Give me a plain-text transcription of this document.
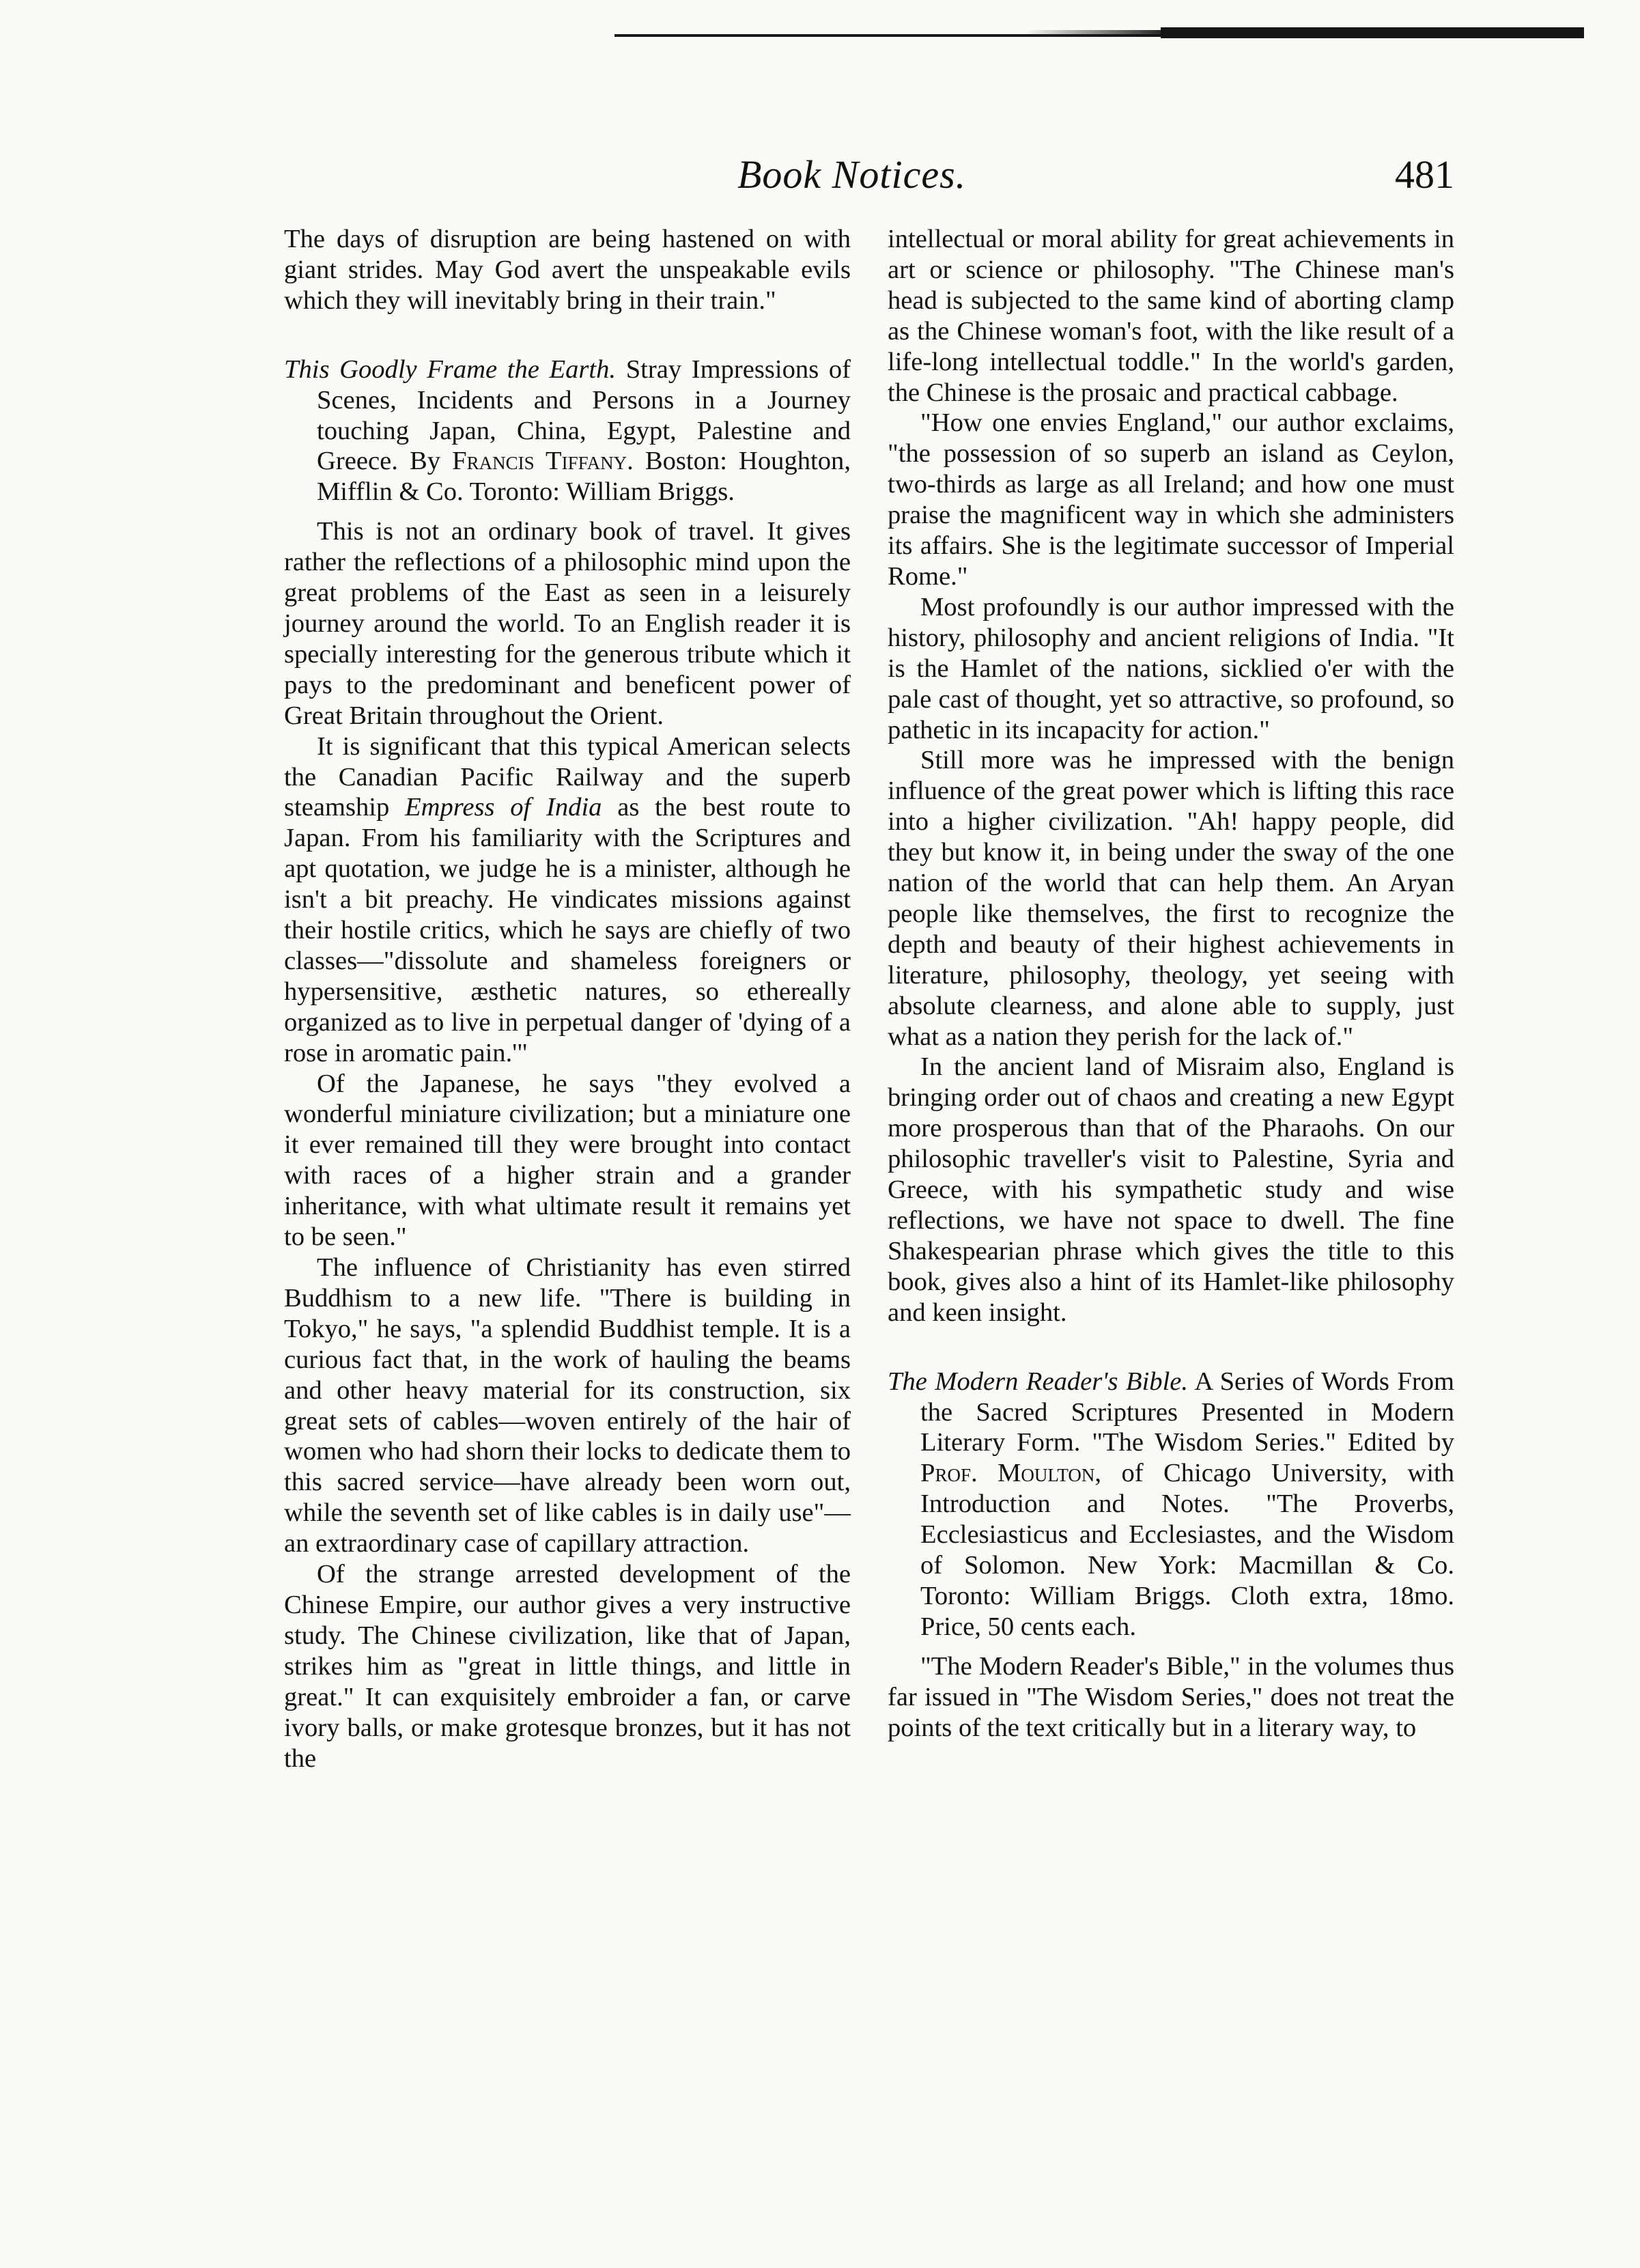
Book Notices.	481

The days of disruption are being hastened on with giant strides. May God avert the unspeakable evils which they will inevitably bring in their train."

This Goodly Frame the Earth. Stray Impressions of Scenes, Incidents and Persons in a Journey touching Japan, China, Egypt, Palestine and Greece. By Francis Tiffany. Boston: Houghton, Mifflin & Co. Toronto: William Briggs.

This is not an ordinary book of travel. It gives rather the reflections of a philosophic mind upon the great problems of the East as seen in a leisurely journey around the world. To an English reader it is specially interesting for the generous tribute which it pays to the predominant and beneficent power of Great Britain throughout the Orient.

It is significant that this typical American selects the Canadian Pacific Railway and the superb steamship Empress of India as the best route to Japan. From his familiarity with the Scriptures and apt quotation, we judge he is a minister, although he isn't a bit preachy. He vindicates missions against their hostile critics, which he says are chiefly of two classes—"dissolute and shameless foreigners or hypersensitive, æsthetic natures, so ethereally organized as to live in perpetual danger of 'dying of a rose in aromatic pain.'"

Of the Japanese, he says "they evolved a wonderful miniature civilization; but a miniature one it ever remained till they were brought into contact with races of a higher strain and a grander inheritance, with what ultimate result it remains yet to be seen."

The influence of Christianity has even stirred Buddhism to a new life. "There is building in Tokyo," he says, "a splendid Buddhist temple. It is a curious fact that, in the work of hauling the beams and other heavy material for its construction, six great sets of cables—woven entirely of the hair of women who had shorn their locks to dedicate them to this sacred service—have already been worn out, while the seventh set of like cables is in daily use"—an extraordinary case of capillary attraction.

Of the strange arrested development of the Chinese Empire, our author gives a very instructive study. The Chinese civilization, like that of Japan, strikes him as "great in little things, and little in great." It can exquisitely embroider a fan, or carve ivory balls, or make grotesque bronzes, but it has not the

intellectual or moral ability for great achievements in art or science or philosophy. "The Chinese man's head is subjected to the same kind of aborting clamp as the Chinese woman's foot, with the like result of a life-long intellectual toddle." In the world's garden, the Chinese is the prosaic and practical cabbage.

"How one envies England," our author exclaims, "the possession of so superb an island as Ceylon, two-thirds as large as all Ireland; and how one must praise the magnificent way in which she administers its affairs. She is the legitimate successor of Imperial Rome."

Most profoundly is our author impressed with the history, philosophy and ancient religions of India. "It is the Hamlet of the nations, sicklied o'er with the pale cast of thought, yet so attractive, so profound, so pathetic in its incapacity for action."

Still more was he impressed with the benign influence of the great power which is lifting this race into a higher civilization. "Ah! happy people, did they but know it, in being under the sway of the one nation of the world that can help them. An Aryan people like themselves, the first to recognize the depth and beauty of their highest achievements in literature, philosophy, theology, yet seeing with absolute clearness, and alone able to supply, just what as a nation they perish for the lack of."

In the ancient land of Misraim also, England is bringing order out of chaos and creating a new Egypt more prosperous than that of the Pharaohs. On our philosophic traveller's visit to Palestine, Syria and Greece, with his sympathetic study and wise reflections, we have not space to dwell. The fine Shakespearian phrase which gives the title to this book, gives also a hint of its Hamlet-like philosophy and keen insight.

The Modern Reader's Bible. A Series of Words From the Sacred Scriptures Presented in Modern Literary Form. "The Wisdom Series." Edited by Prof. Moulton, of Chicago University, with Introduction and Notes. "The Proverbs, Ecclesiasticus and Ecclesiastes, and the Wisdom of Solomon. New York: Macmillan & Co. Toronto: William Briggs. Cloth extra, 18mo. Price, 50 cents each.

"The Modern Reader's Bible," in the volumes thus far issued in "The Wisdom Series," does not treat the points of the text critically but in a literary way, to
